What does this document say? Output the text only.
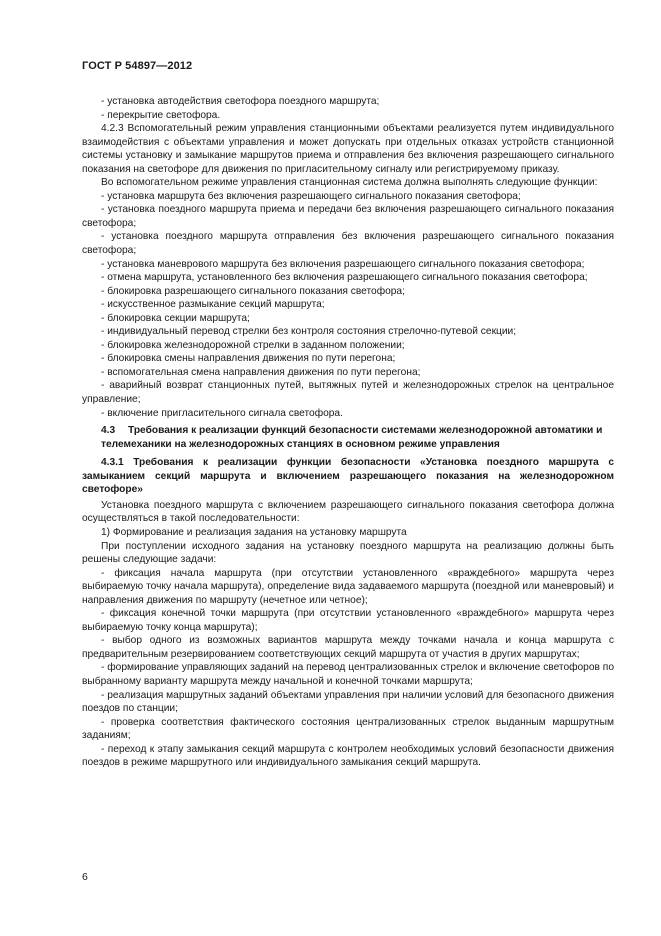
ГОСТ Р 54897—2012

- установка автодействия светофора поездного маршрута;

- перекрытие светофора.

4.2.3 Вспомогательный режим управления станционными объектами реализуется путем индивидуального взаимодействия с объектами управления и может допускать при отдельных отказах устройств станционной системы установку и замыкание маршрутов приема и отправления без включения разрешающего сигнального показания на светофоре для движения по пригласительному сигналу или регистрируемому приказу.

Во вспомогательном режиме управления станционная система должна выполнять следующие функции:

- установка маршрута без включения разрешающего сигнального показания светофора;

- установка поездного маршрута приема и передачи без включения разрешающего сигнального показания светофора;

- установка поездного маршрута отправления без включения разрешающего сигнального показания светофора;

- установка маневрового маршрута без включения разрешающего сигнального показания светофора;

- отмена маршрута, установленного без включения разрешающего сигнального показания светофора;

- блокировка разрешающего сигнального показания светофора;

- искусственное размыкание секций маршрута;

- блокировка секции маршрута;

- индивидуальный перевод стрелки без контроля состояния стрелочно-путевой секции;

- блокировка железнодорожной стрелки в заданном положении;

- блокировка смены направления движения по пути перегона;

- вспомогательная смена направления движения по пути перегона;

- аварийный возврат станционных путей, вытяжных путей и железнодорожных стрелок на центральное управление;

- включение пригласительного сигнала светофора.

4.3 Требования к реализации функций безопасности системами железнодорожной автоматики и телемеханики на железнодорожных станциях в основном режиме управления

4.3.1 Требования к реализации функции безопасности «Установка поездного маршрута с замыканием секций маршрута и включением разрешающего показания на железнодорожном светофоре»

Установка поездного маршрута с включением разрешающего сигнального показания светофора должна осуществляться в такой последовательности:

1) Формирование и реализация задания на установку маршрута

При поступлении исходного задания на установку поездного маршрута на реализацию должны быть решены следующие задачи:

- фиксация начала маршрута (при отсутствии установленного «враждебного» маршрута через выбираемую точку начала маршрута), определение вида задаваемого маршрута (поездной или маневровый) и направления движения по маршруту (нечетное или четное);

- фиксация конечной точки маршрута (при отсутствии установленного «враждебного» маршрута через выбираемую точку конца маршрута);

- выбор одного из возможных вариантов маршрута между точками начала и конца маршрута с предварительным резервированием соответствующих секций маршрута от участия в других маршрутах;

- формирование управляющих заданий на перевод централизованных стрелок и включение светофоров по выбранному варианту маршрута между начальной и конечной точками маршрута;

- реализация маршрутных заданий объектами управления при наличии условий для безопасного движения поездов по станции;

- проверка соответствия фактического состояния централизованных стрелок выданным маршрутным заданиям;

- переход к этапу замыкания секций маршрута с контролем необходимых условий безопасности движения поездов в режиме маршрутного или индивидуального замыкания секций маршрута.

6
